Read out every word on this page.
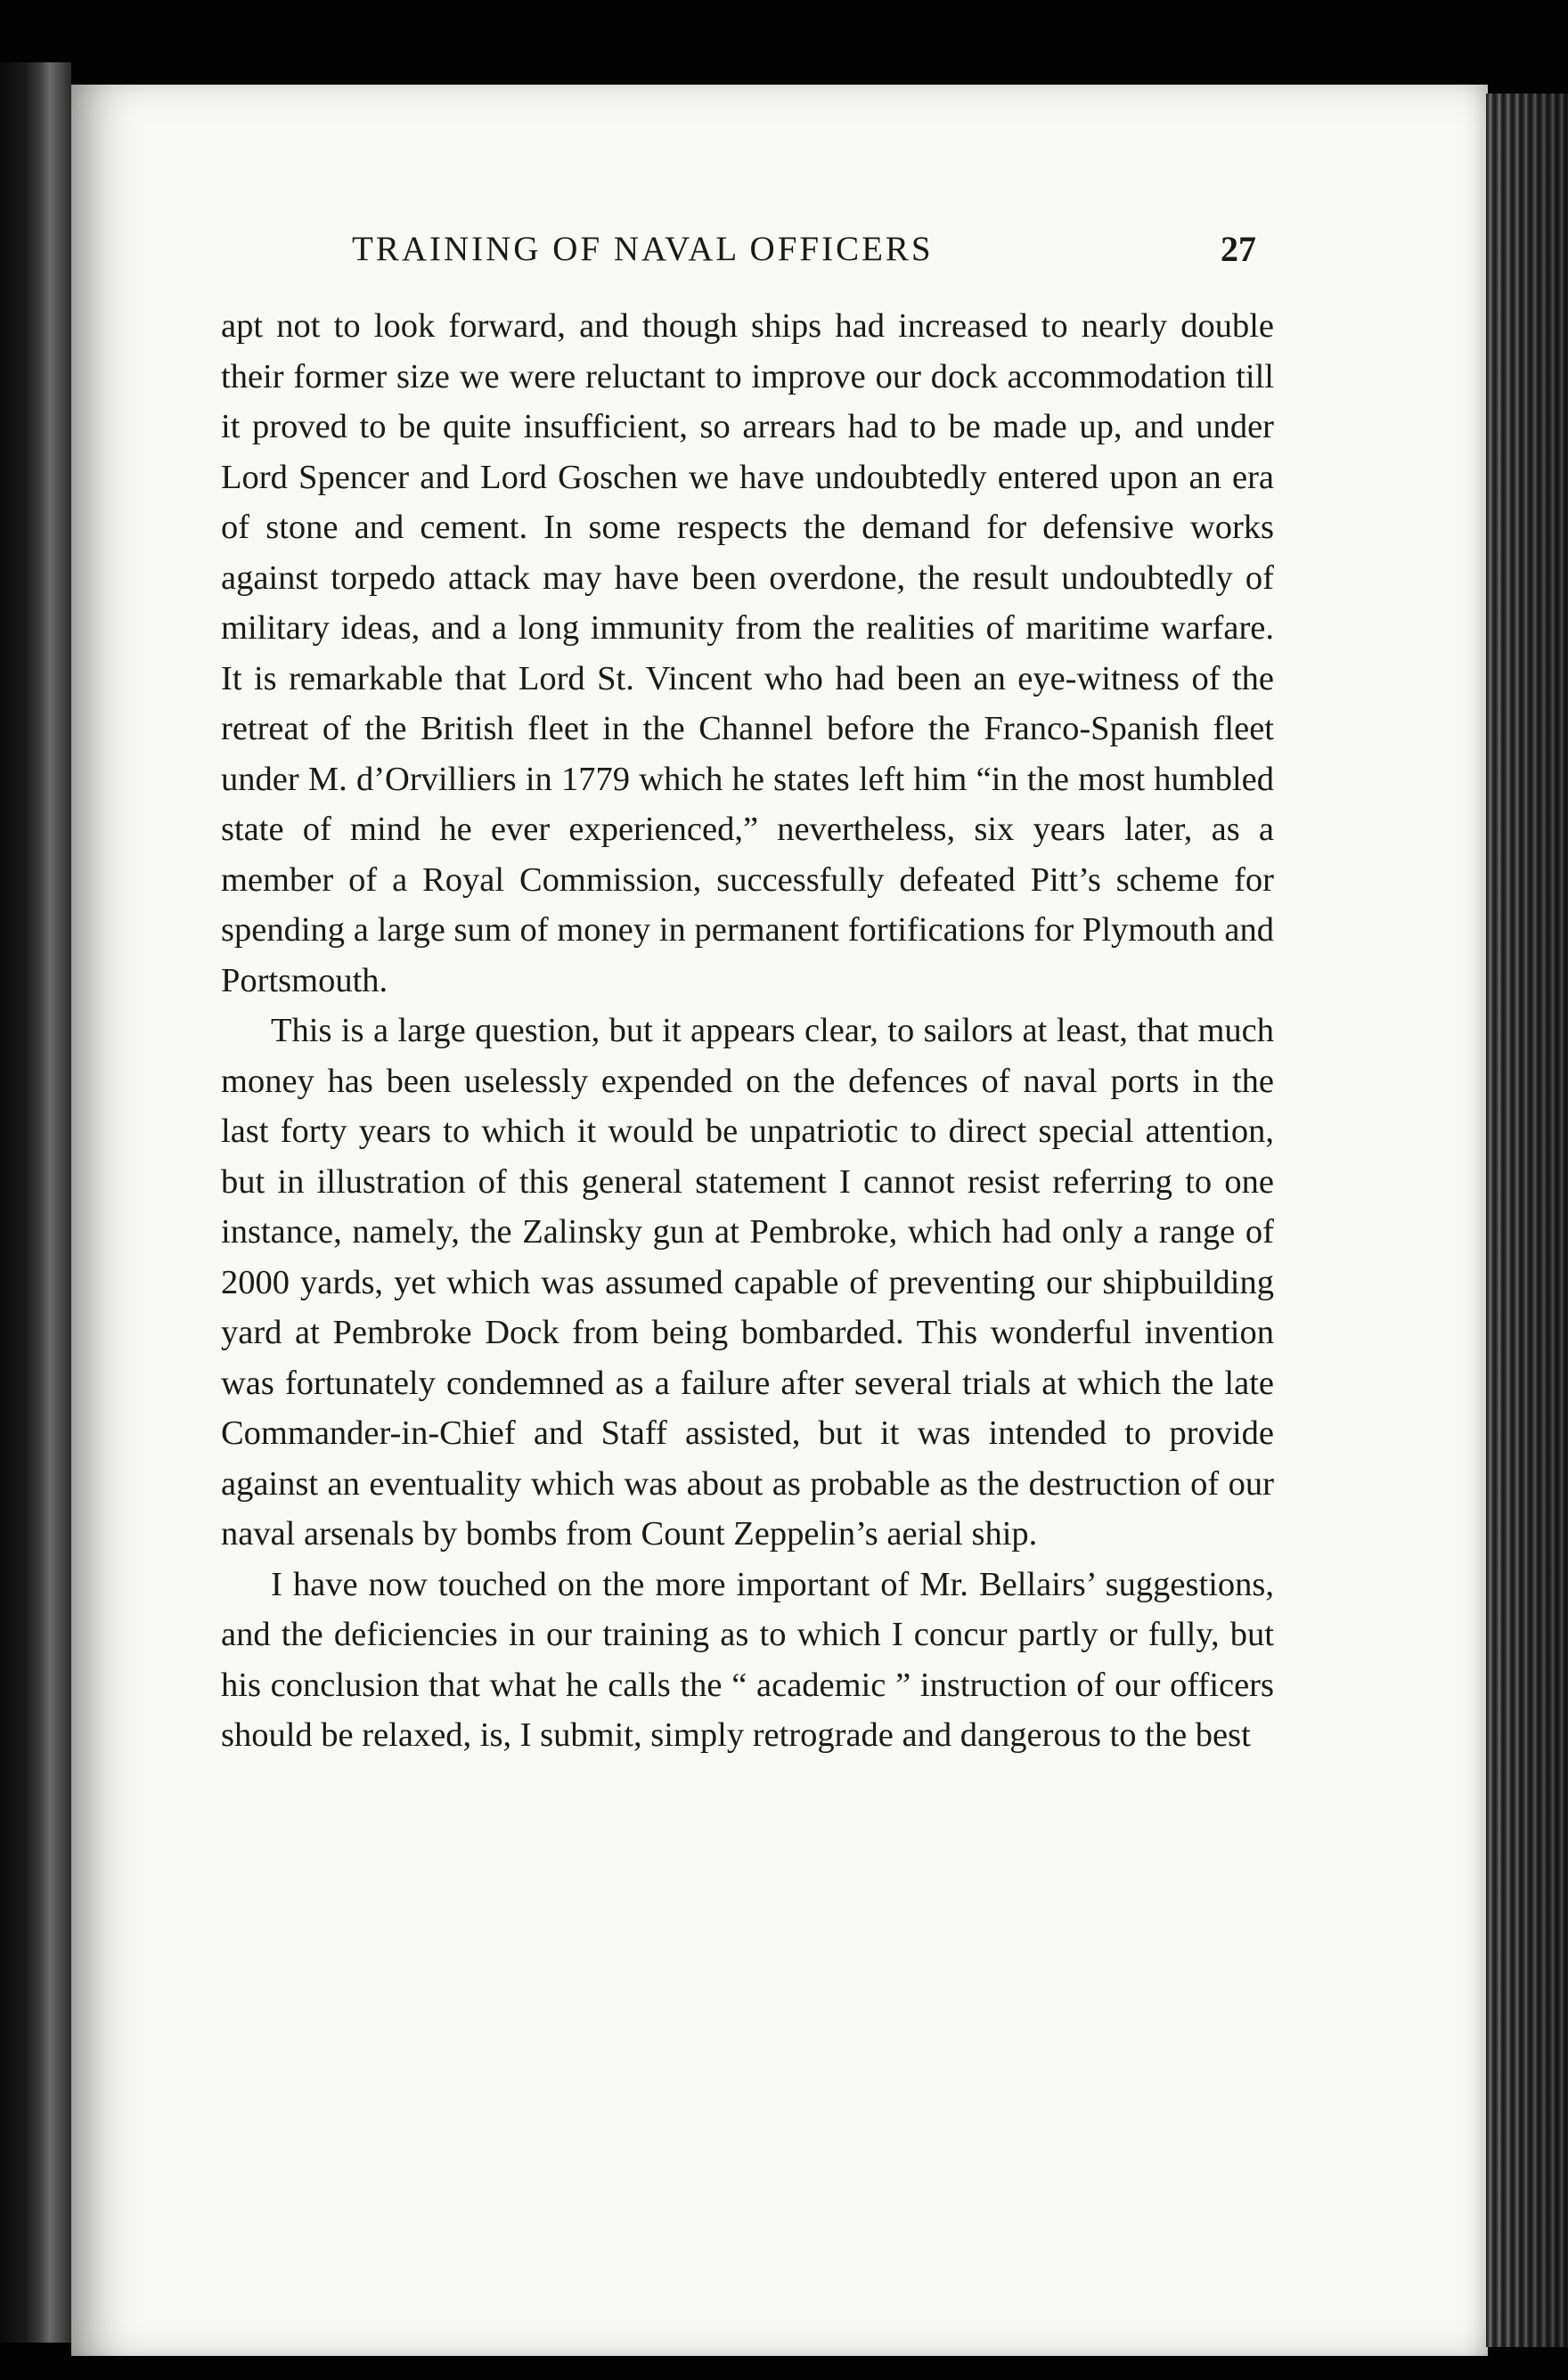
TRAINING OF NAVAL OFFICERS	27

apt not to look forward, and though ships had increased to nearly double their former size we were reluctant to improve our dock accommodation till it proved to be quite insufficient, so arrears had to be made up, and under Lord Spencer and Lord Goschen we have undoubtedly entered upon an era of stone and cement. In some respects the demand for defensive works against torpedo attack may have been overdone, the result undoubtedly of military ideas, and a long immunity from the realities of maritime warfare. It is remarkable that Lord St. Vincent who had been an eye-witness of the retreat of the British fleet in the Channel before the Franco-Spanish fleet under M. d’Orvilliers in 1779 which he states left him “in the most humbled state of mind he ever experienced,” nevertheless, six years later, as a member of a Royal Commission, successfully defeated Pitt’s scheme for spending a large sum of money in permanent fortifications for Plymouth and Portsmouth.

This is a large question, but it appears clear, to sailors at least, that much money has been uselessly expended on the defences of naval ports in the last forty years to which it would be unpatriotic to direct special attention, but in illustration of this general statement I cannot resist referring to one instance, namely, the Zalinsky gun at Pembroke, which had only a range of 2000 yards, yet which was assumed capable of preventing our shipbuilding yard at Pembroke Dock from being bombarded. This wonderful invention was fortunately condemned as a failure after several trials at which the late Commander-in-Chief and Staff assisted, but it was intended to provide against an eventuality which was about as probable as the destruction of our naval arsenals by bombs from Count Zeppelin’s aerial ship.

I have now touched on the more important of Mr. Bellairs’ suggestions, and the deficiencies in our training as to which I concur partly or fully, but his conclusion that what he calls the “ academic ” instruction of our officers should be relaxed, is, I submit, simply retrograde and dangerous to the best
